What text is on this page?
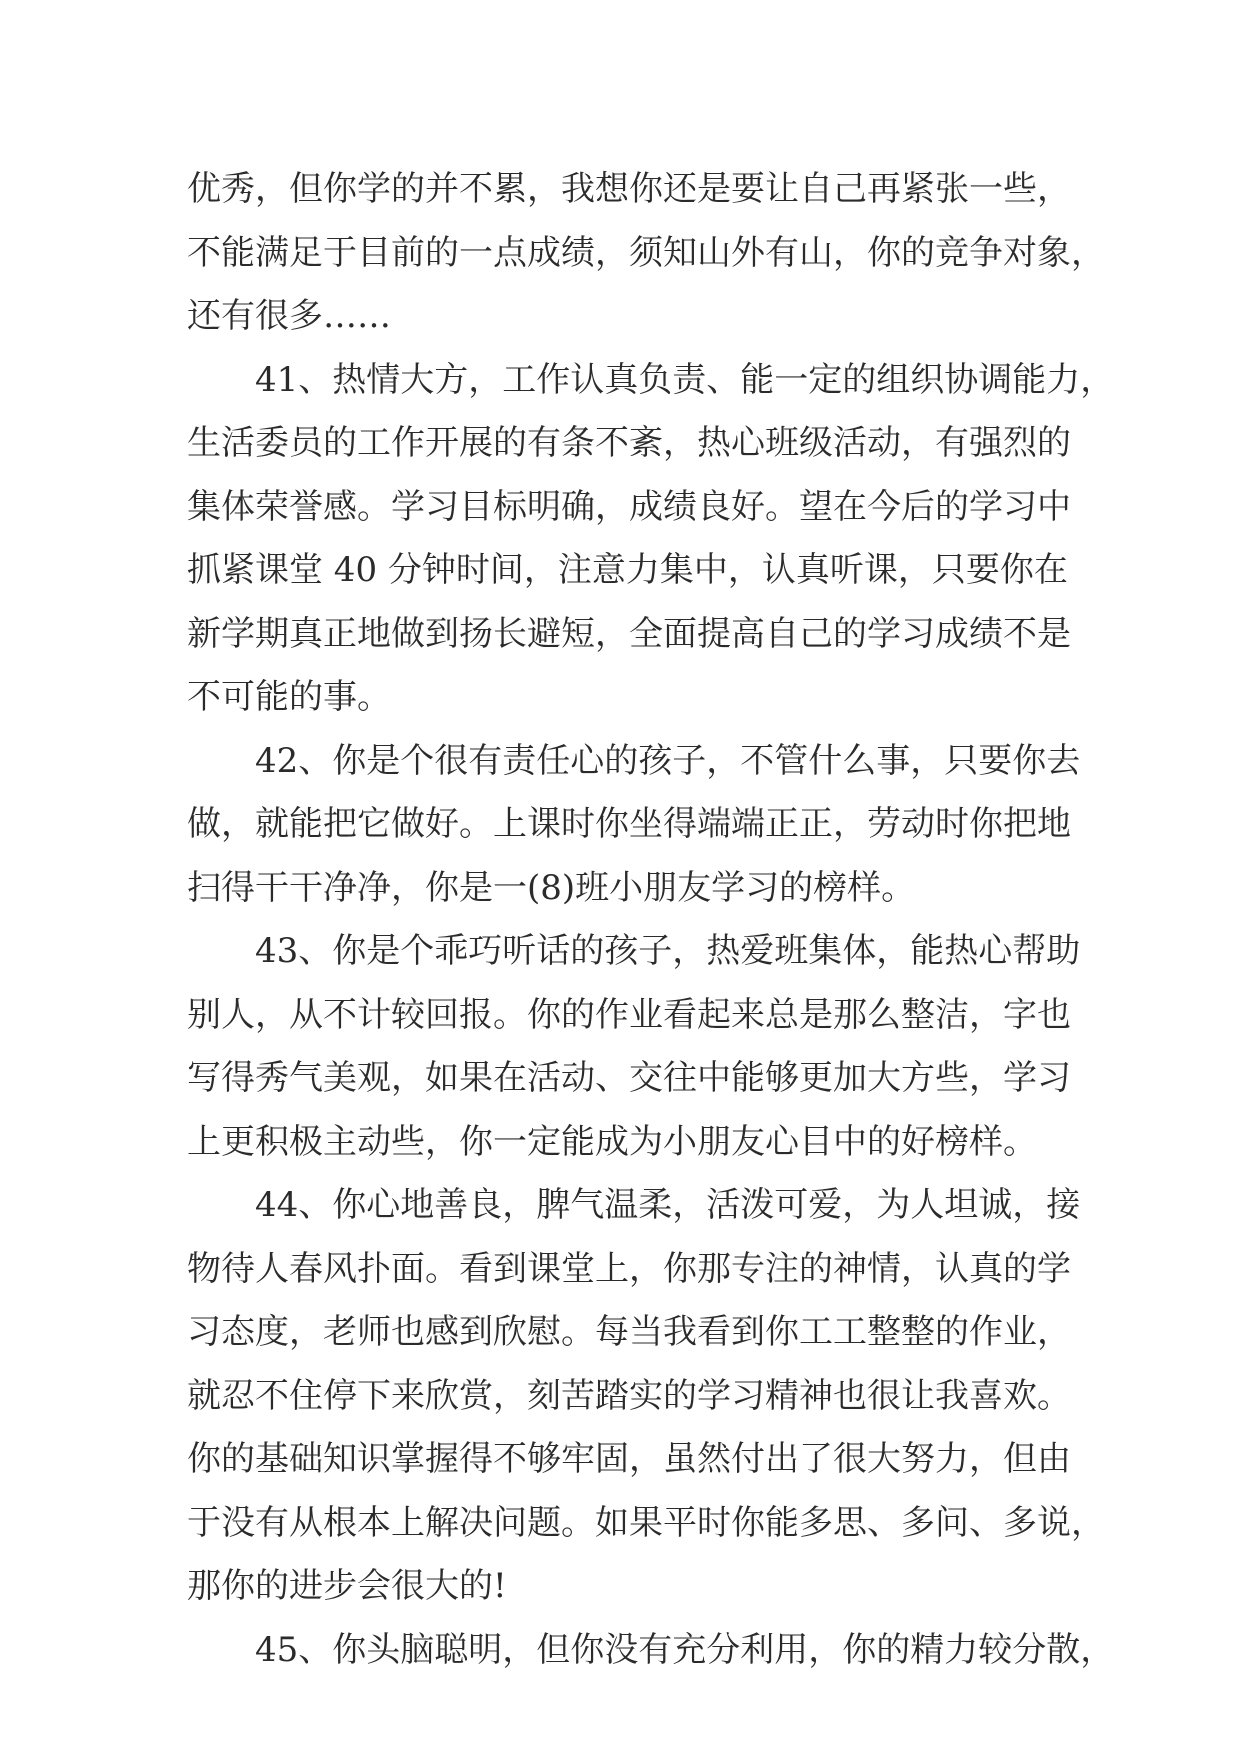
优秀，但你学的并不累，我想你还是要让自己再紧张一些，
不能满足于目前的一点成绩，须知山外有山，你的竞争对象，
还有很多……
41、热情大方，工作认真负责、能一定的组织协调能力，
生活委员的工作开展的有条不紊，热心班级活动，有强烈的
集体荣誉感。学习目标明确，成绩良好。望在今后的学习中
抓紧课堂 40 分钟时间，注意力集中，认真听课，只要你在
新学期真正地做到扬长避短，全面提高自己的学习成绩不是
不可能的事。
42、你是个很有责任心的孩子，不管什么事，只要你去
做，就能把它做好。上课时你坐得端端正正，劳动时你把地
扫得干干净净，你是一(8)班小朋友学习的榜样。
43、你是个乖巧听话的孩子，热爱班集体，能热心帮助
别人，从不计较回报。你的作业看起来总是那么整洁，字也
写得秀气美观，如果在活动、交往中能够更加大方些，学习
上更积极主动些，你一定能成为小朋友心目中的好榜样。
44、你心地善良，脾气温柔，活泼可爱，为人坦诚，接
物待人春风扑面。看到课堂上，你那专注的神情，认真的学
习态度，老师也感到欣慰。每当我看到你工工整整的作业，
就忍不住停下来欣赏，刻苦踏实的学习精神也很让我喜欢。
你的基础知识掌握得不够牢固，虽然付出了很大努力，但由
于没有从根本上解决问题。如果平时你能多思、多问、多说，
那你的进步会很大的!
45、你头脑聪明，但你没有充分利用，你的精力较分散，
